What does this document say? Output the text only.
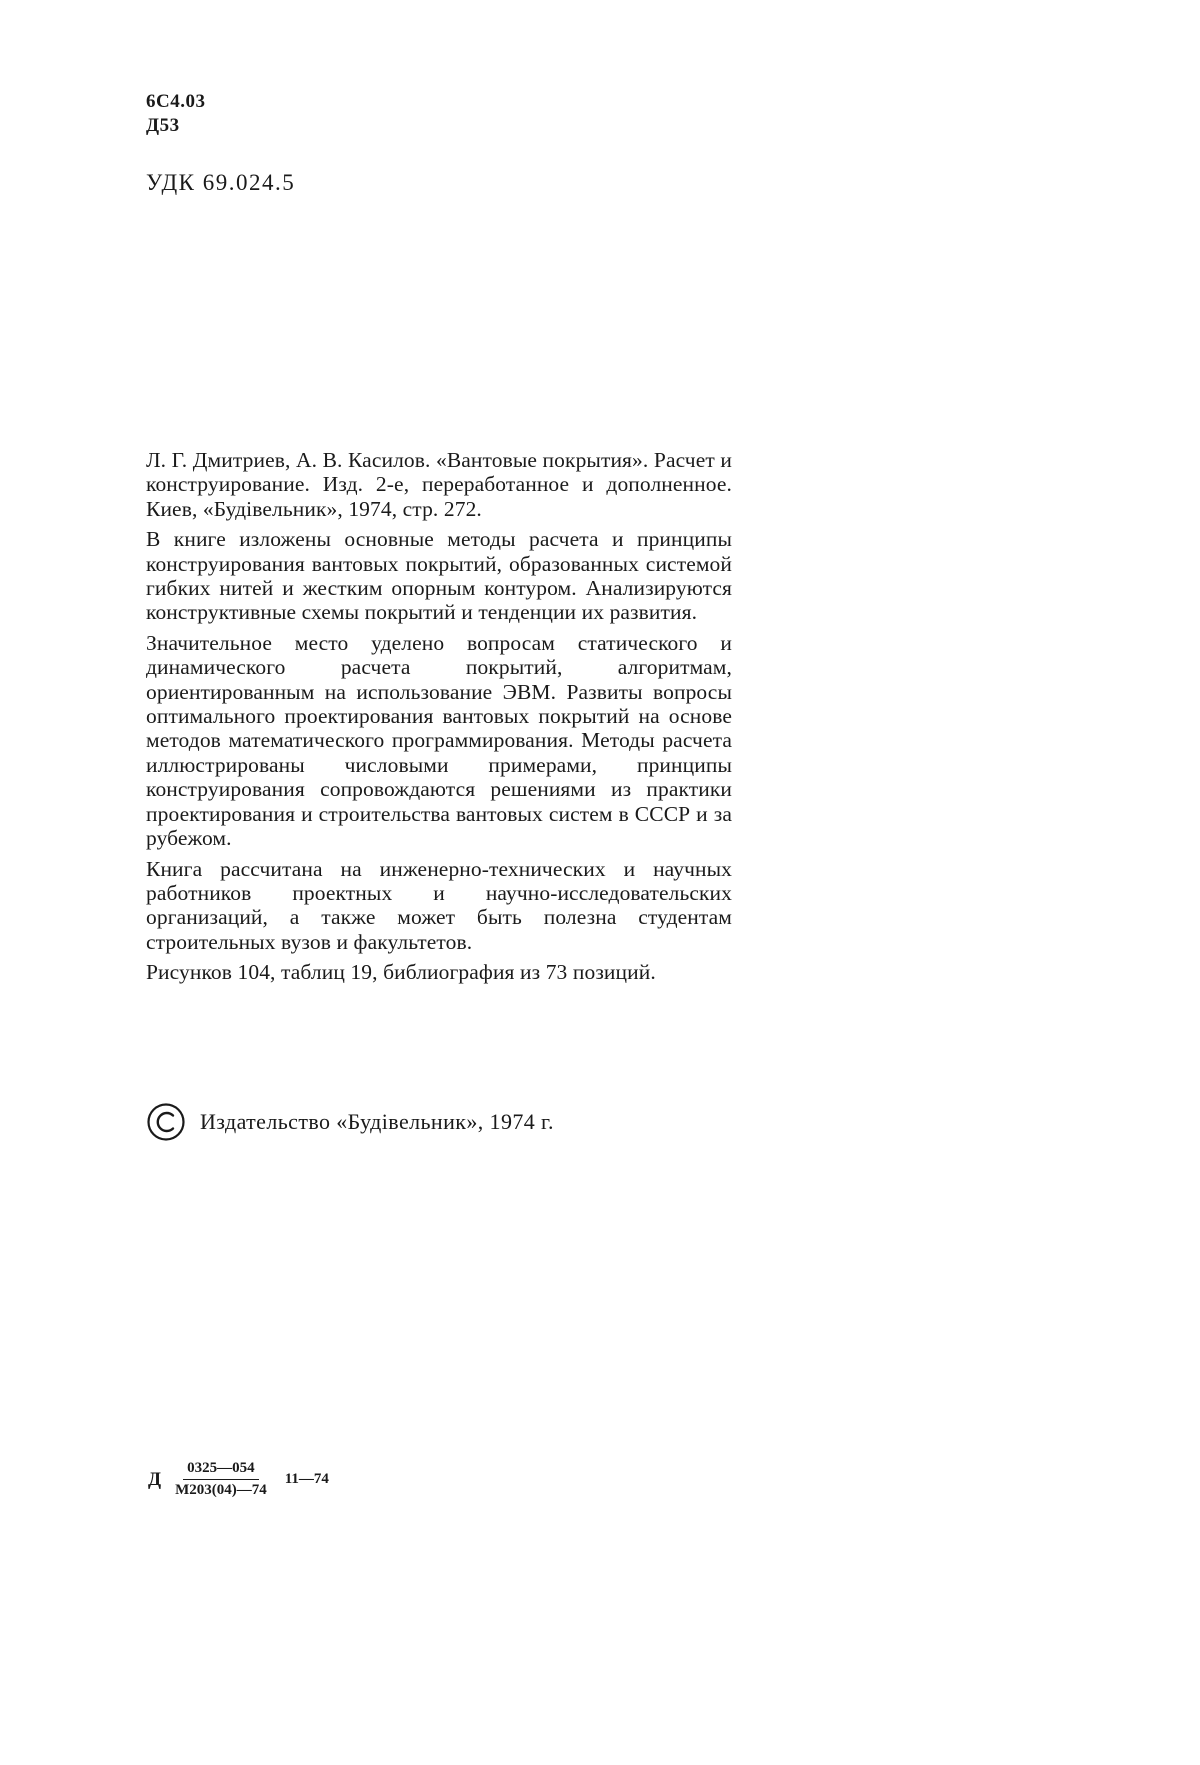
6С4.03
Д53
УДК 69.024.5

Л. Г. Дмитриев, А. В. Касилов. «Вантовые покрытия». Расчет и конструирование. Изд. 2-е, переработанное и дополненное. Киев, «Будівельник», 1974, стр. 272.

В книге изложены основные методы расчета и принципы конструирования вантовых покрытий, образованных системой гибких нитей и жестким опорным контуром. Анализируются конструктивные схемы покрытий и тенденции их развития.

Значительное место уделено вопросам статического и динамического расчета покрытий, алгоритмам, ориентированным на использование ЭВМ. Развиты вопросы оптимального проектирования вантовых покрытий на основе методов математического программирования. Методы расчета иллюстрированы числовыми примерами, принципы конструирования сопровождаются решениями из практики проектирования и строительства вантовых систем в СССР и за рубежом.

Книга рассчитана на инженерно-технических и научных работников проектных и научно-исследовательских организаций, а также может быть полезна студентам строительных вузов и факультетов.

Рисунков 104, таблиц 19, библиография из 73 позиций.

Издательство «Будівельник», 1974 г.
Д $\frac{0325—054}{М203(04)—74}$ 11—74
